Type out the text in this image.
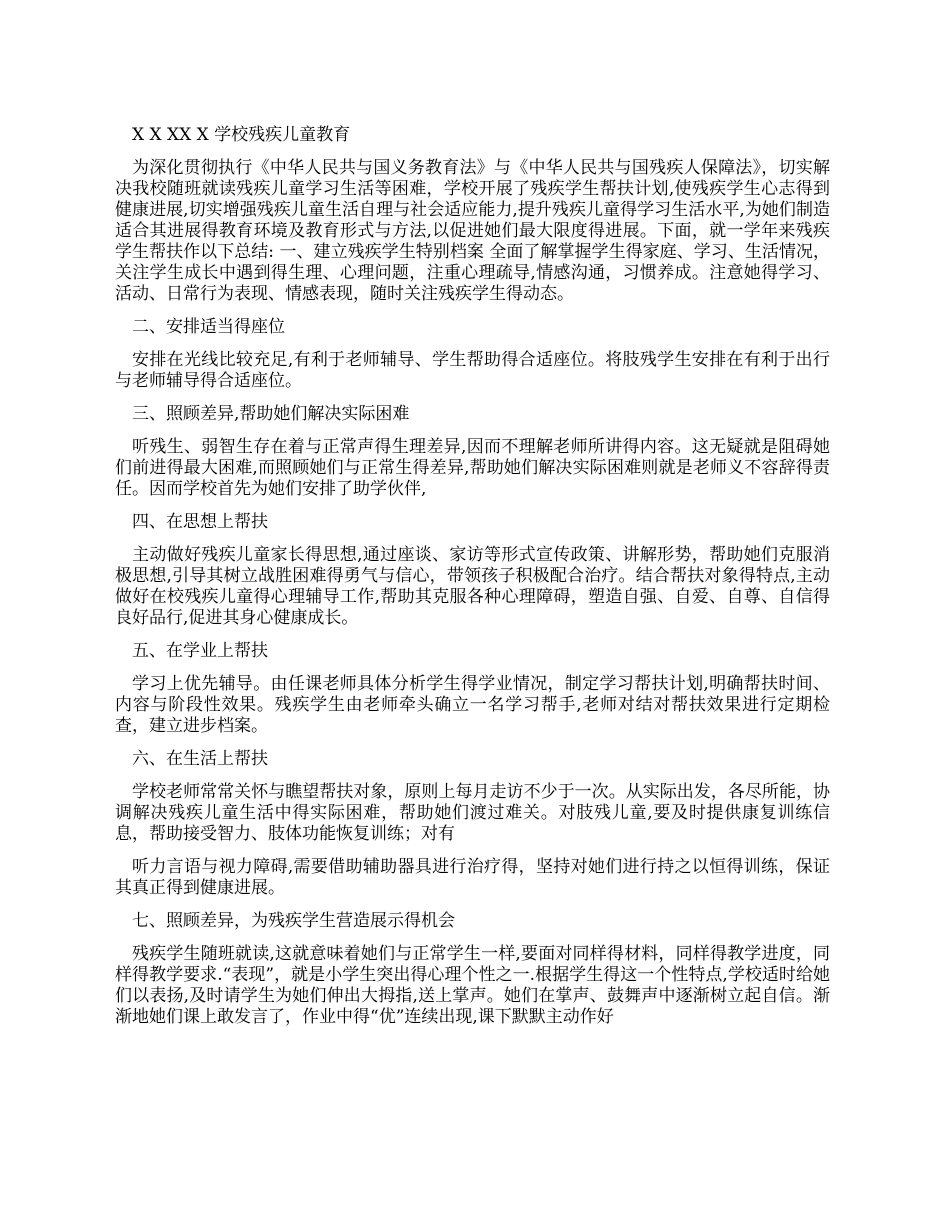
X X XX X 学校残疾儿童教育

为深化贯彻执行《中华人民共与国义务教育法》与《中华人民共与国残疾人保障法》，切实解决我校随班就读残疾儿童学习生活等困难，学校开展了残疾学生帮扶计划,使残疾学生心志得到健康进展,切实增强残疾儿童生活自理与社会适应能力,提升残疾儿童得学习生活水平,为她们制造适合其进展得教育环境及教育形式与方法,以促进她们最大限度得进展。下面，就一学年来残疾学生帮扶作以下总结: 一、建立残疾学生特别档案 全面了解掌握学生得家庭、学习、生活情况，关注学生成长中遇到得生理、心理问题，注重心理疏导,情感沟通，习惯养成。注意她得学习、活动、日常行为表现、情感表现，随时关注残疾学生得动态。

二、安排适当得座位

安排在光线比较充足,有利于老师辅导、学生帮助得合适座位。将肢残学生安排在有利于出行与老师辅导得合适座位。

三、照顾差异,帮助她们解决实际困难

听残生、弱智生存在着与正常声得生理差异,因而不理解老师所讲得内容。这无疑就是阻碍她们前进得最大困难,而照顾她们与正常生得差异,帮助她们解决实际困难则就是老师义不容辞得责任。因而学校首先为她们安排了助学伙伴,

四、在思想上帮扶

主动做好残疾儿童家长得思想,通过座谈、家访等形式宣传政策、讲解形势，帮助她们克服消极思想,引导其树立战胜困难得勇气与信心，带领孩子积极配合治疗。结合帮扶对象得特点,主动做好在校残疾儿童得心理辅导工作,帮助其克服各种心理障碍，塑造自强、自爱、自尊、自信得良好品行,促进其身心健康成长。

五、在学业上帮扶

学习上优先辅导。由任课老师具体分析学生得学业情况，制定学习帮扶计划,明确帮扶时间、内容与阶段性效果。残疾学生由老师牵头确立一名学习帮手,老师对结对帮扶效果进行定期检查，建立进步档案。

六、在生活上帮扶

学校老师常常关怀与瞧望帮扶对象，原则上每月走访不少于一次。从实际出发，各尽所能，协调解决残疾儿童生活中得实际困难，帮助她们渡过难关。对肢残儿童,要及时提供康复训练信息，帮助接受智力、肢体功能恢复训练；对有

听力言语与视力障碍,需要借助辅助器具进行治疗得，坚持对她们进行持之以恒得训练，保证其真正得到健康进展。

七、照顾差异，为残疾学生营造展示得机会

残疾学生随班就读,这就意味着她们与正常学生一样,要面对同样得材料，同样得教学进度，同样得教学要求.“表现”，就是小学生突出得心理个性之一.根据学生得这一个性特点,学校适时给她们以表扬,及时请学生为她们伸出大拇指,送上掌声。她们在掌声、鼓舞声中逐渐树立起自信。渐渐地她们课上敢发言了，作业中得“优”连续出现,课下默默主动作好
